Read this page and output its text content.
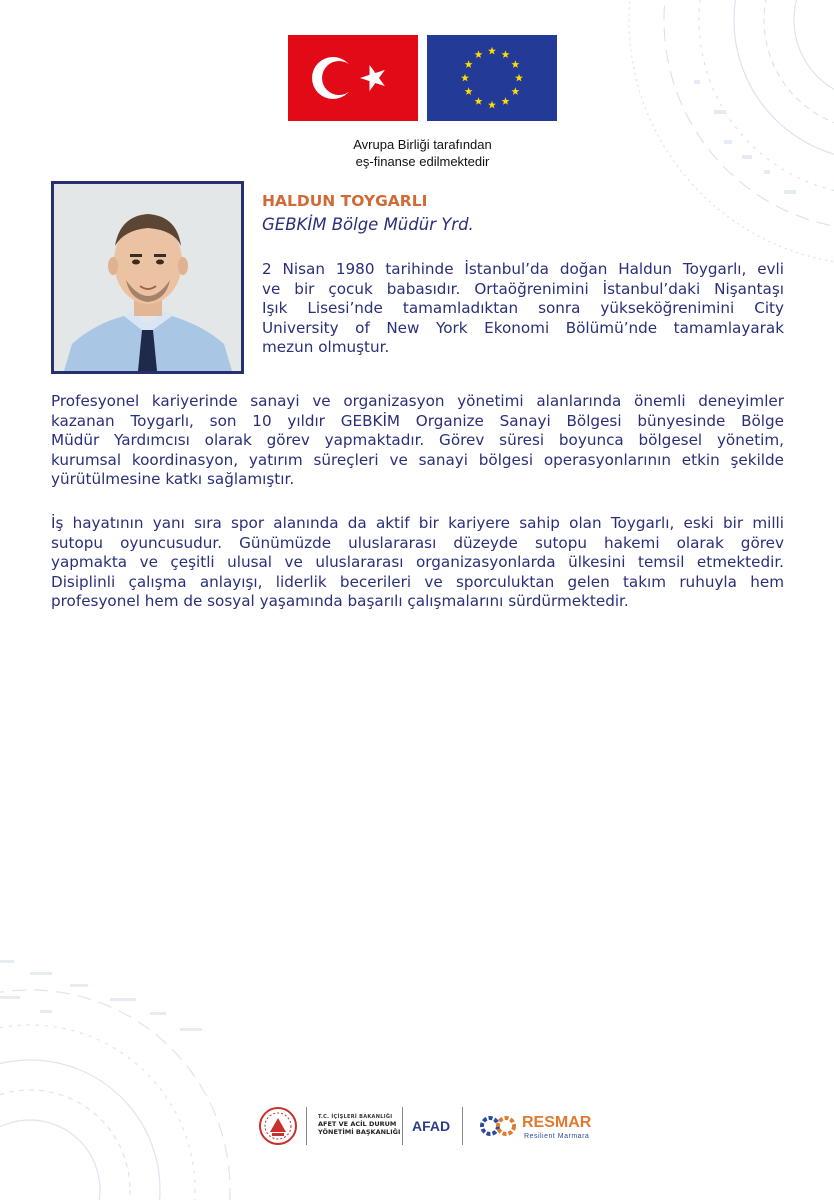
Avrupa Birliği tarafından
eş-finanse edilmektedir
HALDUN TOYGARLI
GEBKİM Bölge Müdür Yrd.

2 Nisan 1980 tarihinde İstanbul’da doğan Haldun Toygarlı, evli
ve bir çocuk babasıdır. Ortaöğrenimini İstanbul’daki Nişantaşı
Işık Lisesi’nde tamamladıktan sonra yükseköğrenimini City
University of New York Ekonomi Bölümü’nde tamamlayarak
mezun olmuştur.

Profesyonel kariyerinde sanayi ve organizasyon yönetimi alanlarında önemli deneyimler
kazanan Toygarlı, son 10 yıldır GEBKİM Organize Sanayi Bölgesi bünyesinde Bölge
Müdür Yardımcısı olarak görev yapmaktadır. Görev süresi boyunca bölgesel yönetim,
kurumsal koordinasyon, yatırım süreçleri ve sanayi bölgesi operasyonlarının etkin şekilde
yürütülmesine katkı sağlamıştır.

İş hayatının yanı sıra spor alanında da aktif bir kariyere sahip olan Toygarlı, eski bir milli
sutopu oyuncusudur. Günümüzde uluslararası düzeyde sutopu hakemi olarak görev
yapmakta ve çeşitli ulusal ve uluslararası organizasyonlarda ülkesini temsil etmektedir.
Disiplinli çalışma anlayışı, liderlik becerileri ve sporculuktan gelen takım ruhuyla hem
profesyonel hem de sosyal yaşamında başarılı çalışmalarını sürdürmektedir.

T.C. İÇİŞLERİ BAKANLIĞI
AFET VE ACİL DURUM
YÖNETİMİ BAŞKANLIĞI AFAD	RESMAR
Resilient Marmara
